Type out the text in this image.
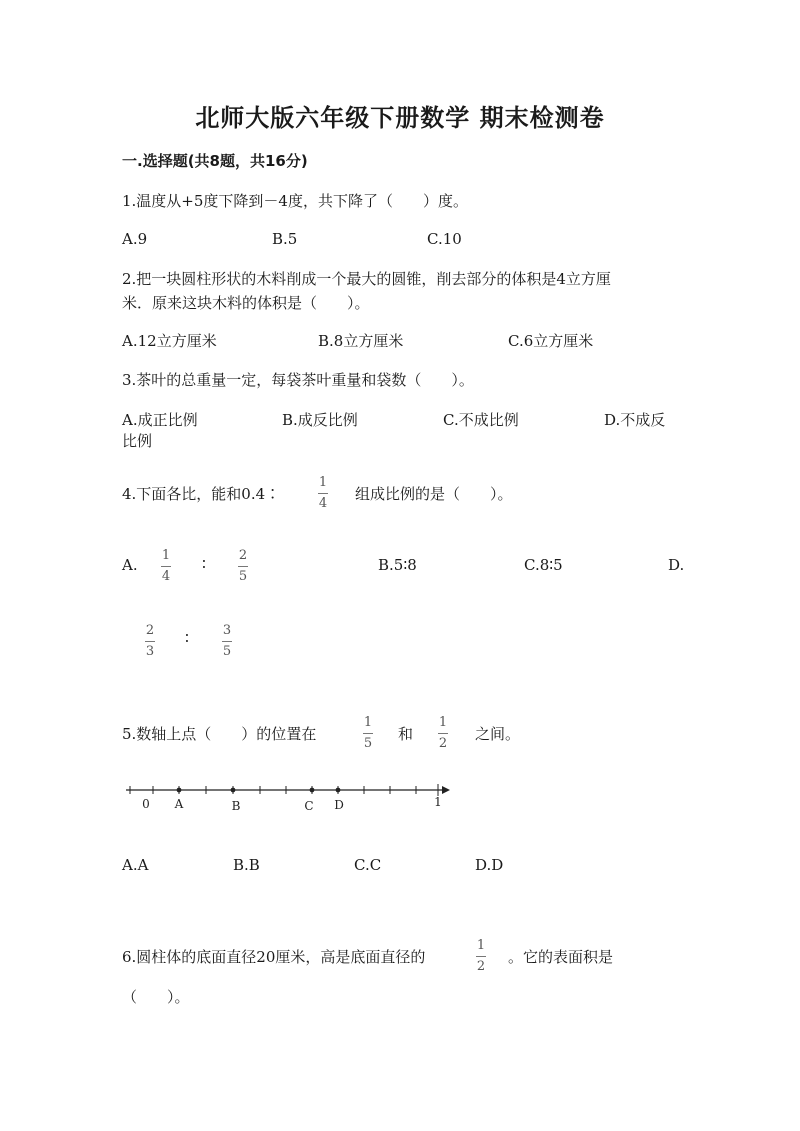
北师大版六年级下册数学 期末检测卷
一.选择题(共8题，共16分)
1.温度从+5度下降到－4度，共下降了（　　）度。
A.9	B.5	C.10
2.把一块圆柱形状的木料削成一个最大的圆锥，削去部分的体积是4立方厘
米．原来这块木料的体积是（　　）。
A.12立方厘米	B.8立方厘米	C.6立方厘米
3.茶叶的总重量一定，每袋茶叶重量和袋数（　　）。
A.成正比例	B.成反比例	C.不成比例	D.不成反
比例
4.下面各比，能和0.4∶
1
4
组成比例的是（　　）。
A.
1
4
∶	2
5
B.5∶8	C.8∶5	D.
2
3
∶	3
5
5.数轴上点（　　）的位置在
1
5
和
1
2
之间。
0 A	B	C D	1
A.A	B.B	C.C	D.D
6.圆柱体的底面直径20厘米，高是底面直径的
1
2
。它的表面积是
（　　）。
